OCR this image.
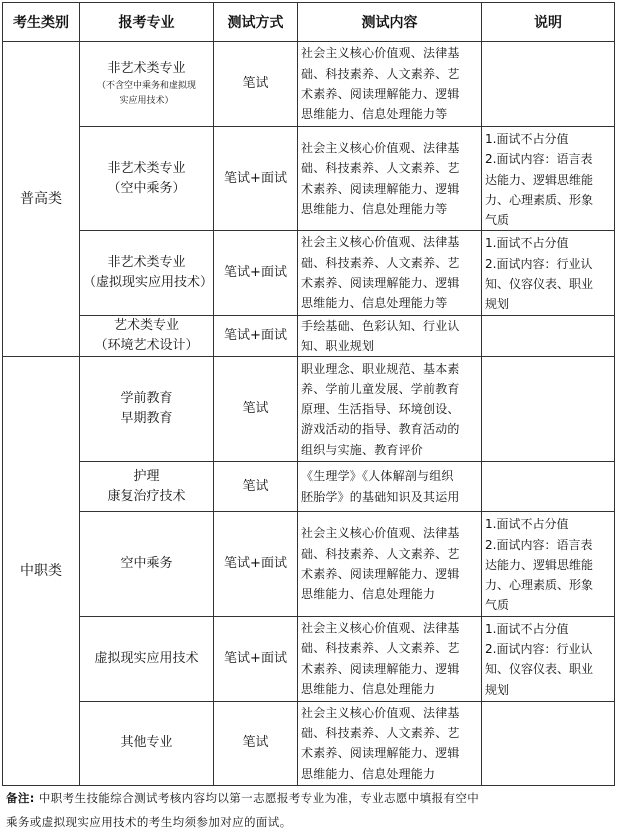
考生类别	报考专业	测试方式	测试内容	说明
普高类	非艺术类专业
（不含空中乘务和虚拟现
实应用技术）	笔试	社会主义核心价值观、法律基
础、科技素养、人文素养、艺
术素养、阅读理解能力、逻辑
思维能力、信息处理能力等	

	非艺术类专业
（空中乘务）	笔试+面试	社会主义核心价值观、法律基
础、科技素养、人文素养、艺
术素养、阅读理解能力、逻辑
思维能力、信息处理能力等	1.面试不占分值
2.面试内容：语言表
达能力、逻辑思维能
力、心理素质、形象
气质

	非艺术类专业
（虚拟现实应用技术）	笔试+面试	社会主义核心价值观、法律基
础、科技素养、人文素养、艺
术素养、阅读理解能力、逻辑
思维能力、信息处理能力等	1.面试不占分值
2.面试内容：行业认
知、仪容仪表、职业
规划

	艺术类专业
（环境艺术设计）	笔试+面试	手绘基础、色彩认知、行业认
知、职业规划	

中职类	学前教育
早期教育	笔试	职业理念、职业规范、基本素
养、学前儿童发展、学前教育
原理、生活指导、环境创设、
游戏活动的指导、教育活动的
组织与实施、教育评价	

	护理
康复治疗技术	笔试	《生理学》《人体解剖与组织
胚胎学》的基础知识及其运用	

	空中乘务	笔试+面试	社会主义核心价值观、法律基
础、科技素养、人文素养、艺
术素养、阅读理解能力、逻辑
思维能力、信息处理能力	1.面试不占分值
2.面试内容：语言表
达能力、逻辑思维能
力、心理素质、形象
气质

	虚拟现实应用技术	笔试+面试	社会主义核心价值观、法律基
础、科技素养、人文素养、艺
术素养、阅读理解能力、逻辑
思维能力、信息处理能力	1.面试不占分值
2.面试内容：行业认
知、仪容仪表、职业
规划

	其他专业	笔试	社会主义核心价值观、法律基
础、科技素养、人文素养、艺
术素养、阅读理解能力、逻辑
思维能力、信息处理能力	

备注: 中职考生技能综合测试考核内容均以第一志愿报考专业为准，专业志愿中填报有空中
乘务或虚拟现实应用技术的考生均须参加对应的面试。
